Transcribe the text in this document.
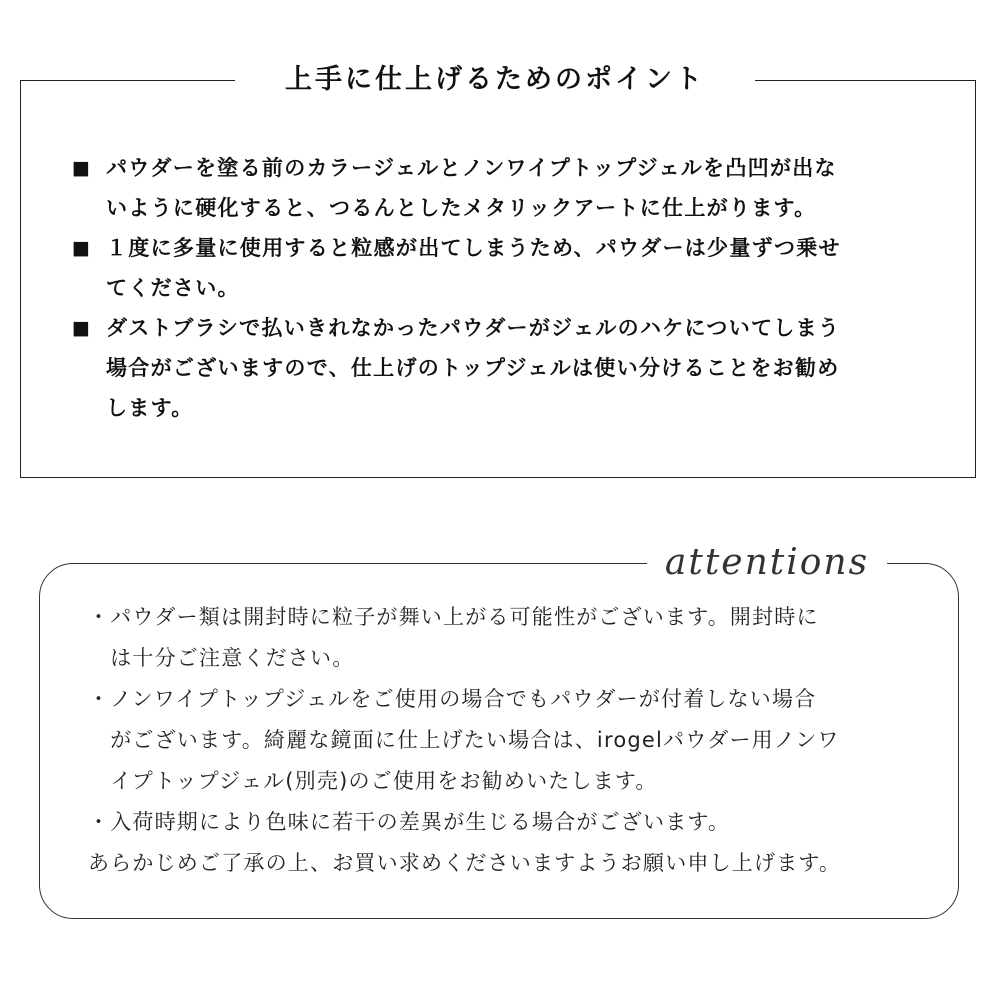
上手に仕上げるためのポイント
■ パウダーを塗る前のカラージェルとノンワイプトップジェルを凸凹が出な
いように硬化すると、つるんとしたメタリックアートに仕上がります。
■ １度に多量に使用すると粒感が出てしまうため、パウダーは少量ずつ乗せ
てください。
■ ダストブラシで払いきれなかったパウダーがジェルのハケについてしまう
場合がございますので、仕上げのトップジェルは使い分けることをお勧め
します。
attentions
・ パウダー類は開封時に粒子が舞い上がる可能性がございます。開封時に
は十分ご注意ください。
・ ノンワイプトップジェルをご使用の場合でもパウダーが付着しない場合
がございます。綺麗な鏡面に仕上げたい場合は、irogelパウダー用ノンワ
イプトップジェル(別売)のご使用をお勧めいたします。
・ 入荷時期により色味に若干の差異が生じる場合がございます。
あらかじめご了承の上、お買い求めくださいますようお願い申し上げます。
